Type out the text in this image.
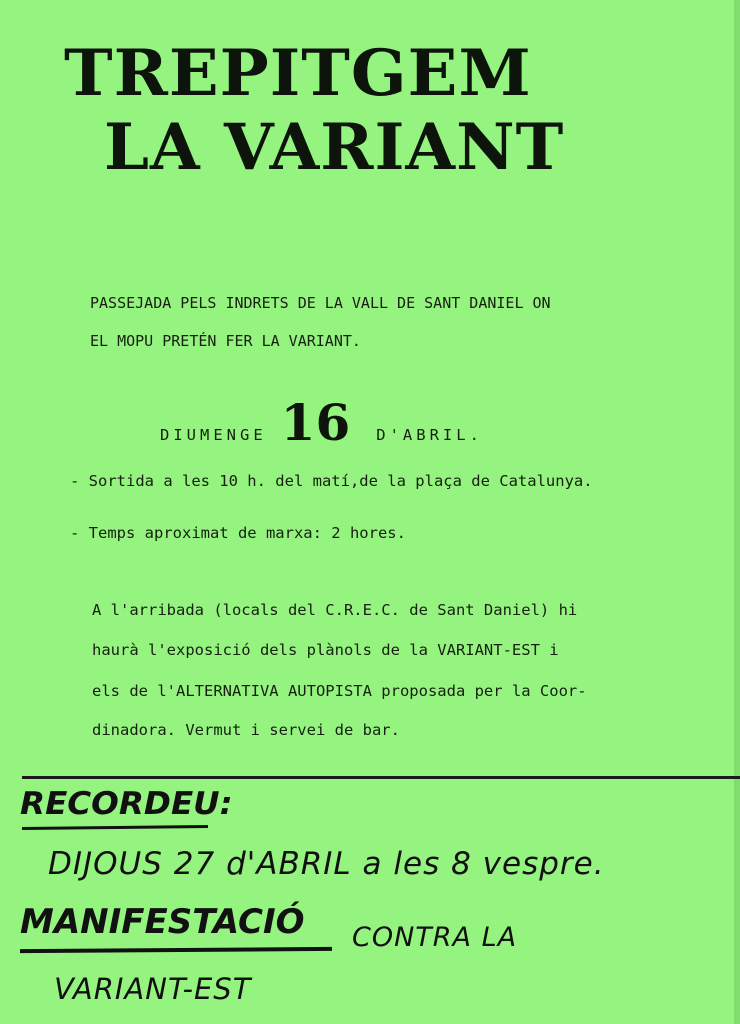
TREPITGEM
LA VARIANT
PASSEJADA PELS INDRETS DE LA VALL DE SANT DANIEL ON
EL MOPU PRETÉN FER LA VARIANT.
DIUMENGE 16 D'ABRIL.
- Sortida a les 10 h. del matí,de la plaça de Catalunya.
- Temps aproximat de marxa: 2 hores.
A l'arribada (locals del C.R.E.C. de Sant Daniel) hi
haurà l'exposició dels plànols de la VARIANT-EST i
els de l'ALTERNATIVA AUTOPISTA proposada per la Coor-
dinadora. Vermut i servei de bar.
RECORDEU:
DIJOUS 27 d'ABRIL a les 8 vespre.
MANIFESTACIÓ CONTRA LA
VARIANT-EST
